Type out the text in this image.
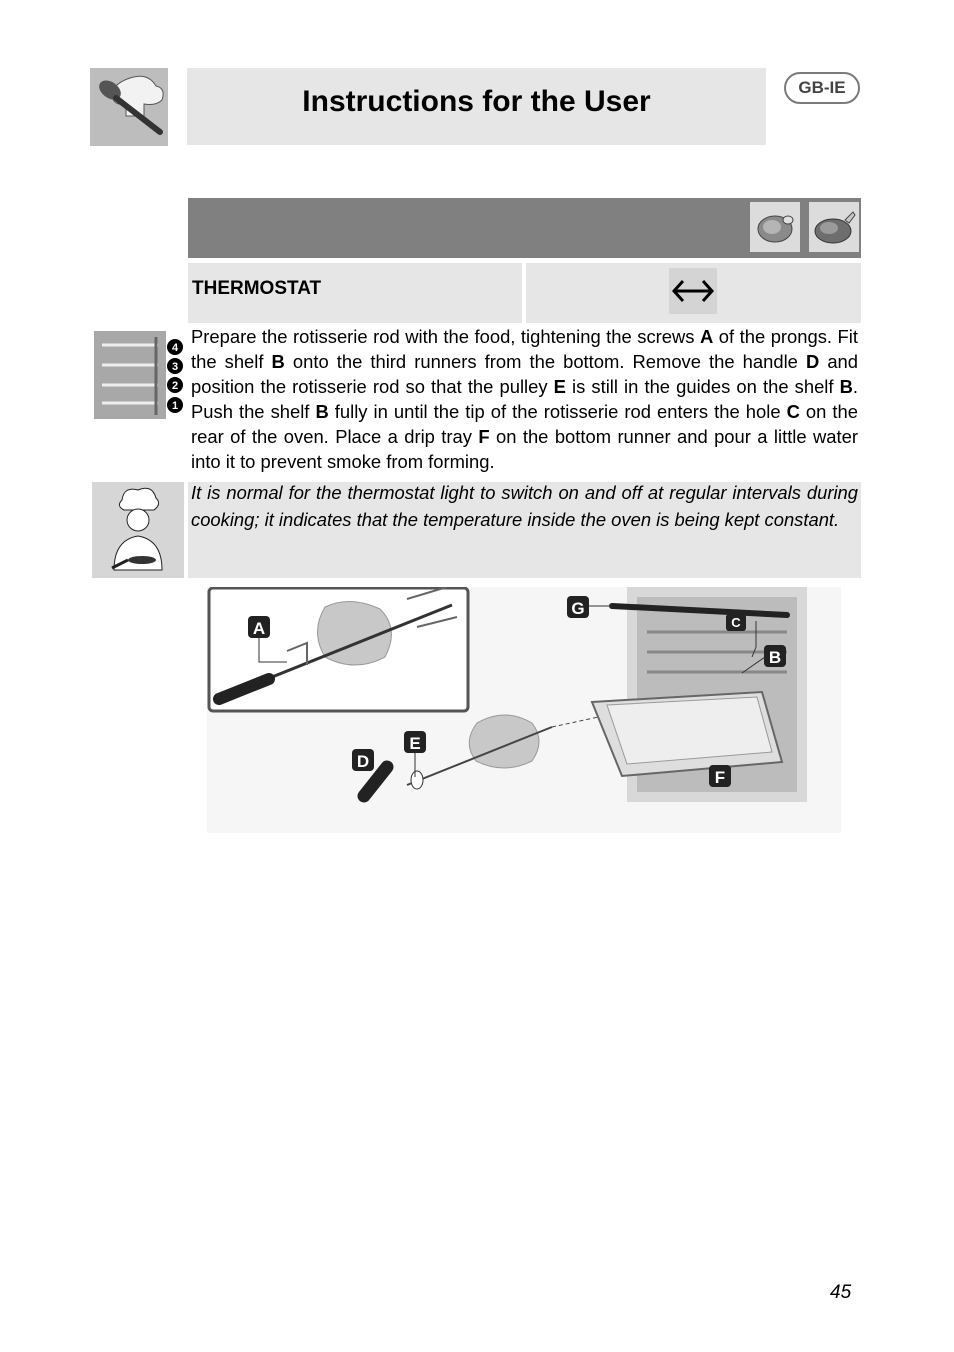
Instructions for the User	GB-IE
THERMOSTAT
4
3
2
1
Prepare the rotisserie rod with the food, tightening the screws A of the prongs. Fit the shelf B onto the third runners from the bottom. Remove the handle D and position the rotisserie rod so that the pulley E is still in the guides on the shelf B. Push the shelf B fully in until the tip of the rotisserie rod enters the hole C on the rear of the oven. Place a drip tray F on the bottom runner and pour a little water into it to prevent smoke from forming.
It is normal for the thermostat light to switch on and off at regular intervals during cooking; it indicates that the temperature inside the oven is being kept constant.
A
G
C
B
E
D
F
45
